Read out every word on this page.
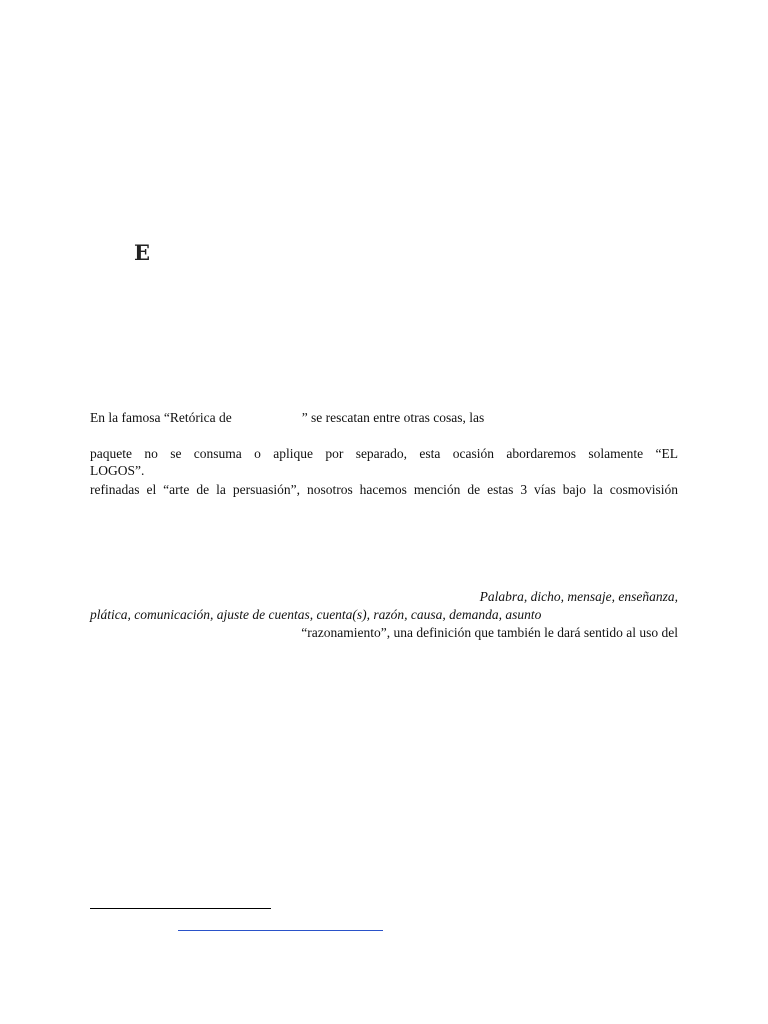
E
En la famosa “Retórica de	” se rescatan entre otras cosas, las
paquete no se consuma o aplique por separado, esta ocasión abordaremos solamente “EL
LOGOS”.
refinadas el “arte de la persuasión”, nosotros hacemos mención de estas 3 vías bajo la cosmovisión
Palabra, dicho, mensaje, enseñanza,
plática, comunicación, ajuste de cuentas, cuenta(s), razón, causa, demanda, asunto
“razonamiento”, una definición que también le dará sentido al uso del
